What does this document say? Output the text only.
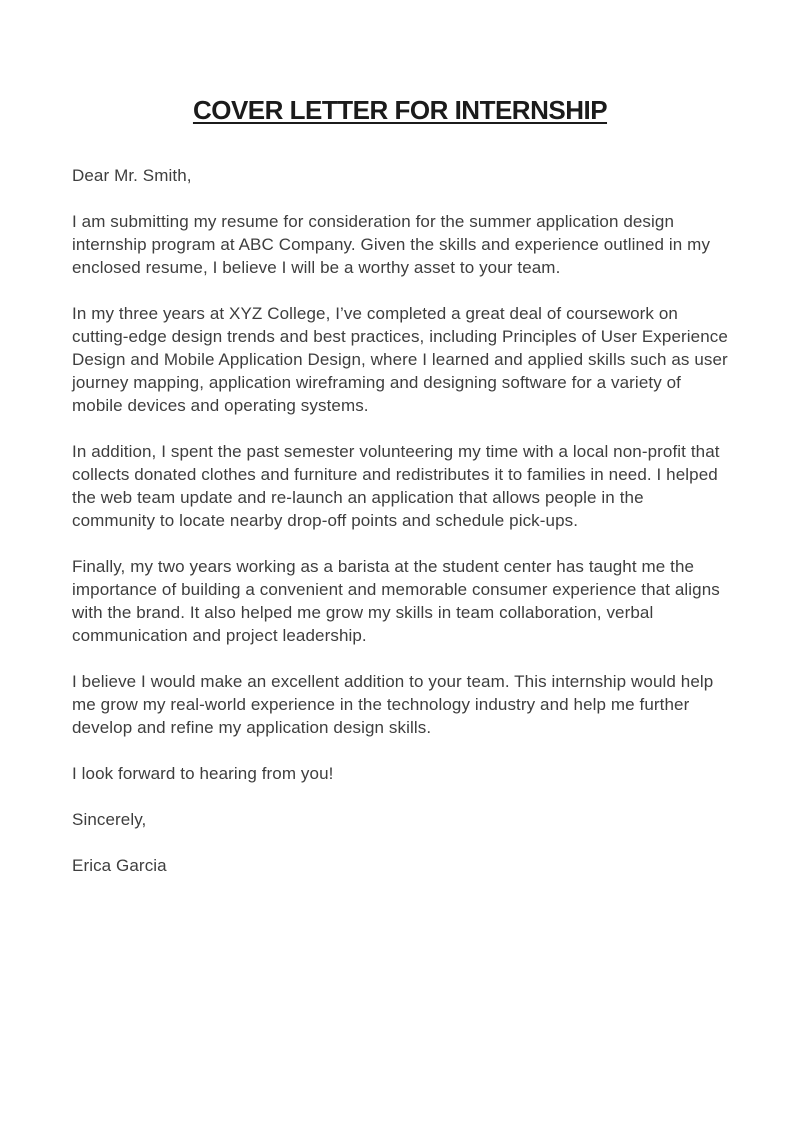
COVER LETTER FOR INTERNSHIP

Dear Mr. Smith,

I am submitting my resume for consideration for the summer application design internship program at ABC Company. Given the skills and experience outlined in my enclosed resume, I believe I will be a worthy asset to your team.

In my three years at XYZ College, I’ve completed a great deal of coursework on cutting-edge design trends and best practices, including Principles of User Experience Design and Mobile Application Design, where I learned and applied skills such as user journey mapping, application wireframing and designing software for a variety of mobile devices and operating systems.

In addition, I spent the past semester volunteering my time with a local non-profit that collects donated clothes and furniture and redistributes it to families in need. I helped the web team update and re-launch an application that allows people in the community to locate nearby drop-off points and schedule pick-ups.

Finally, my two years working as a barista at the student center has taught me the importance of building a convenient and memorable consumer experience that aligns with the brand. It also helped me grow my skills in team collaboration, verbal communication and project leadership.

I believe I would make an excellent addition to your team. This internship would help me grow my real-world experience in the technology industry and help me further develop and refine my application design skills.

I look forward to hearing from you!

Sincerely,

Erica Garcia
